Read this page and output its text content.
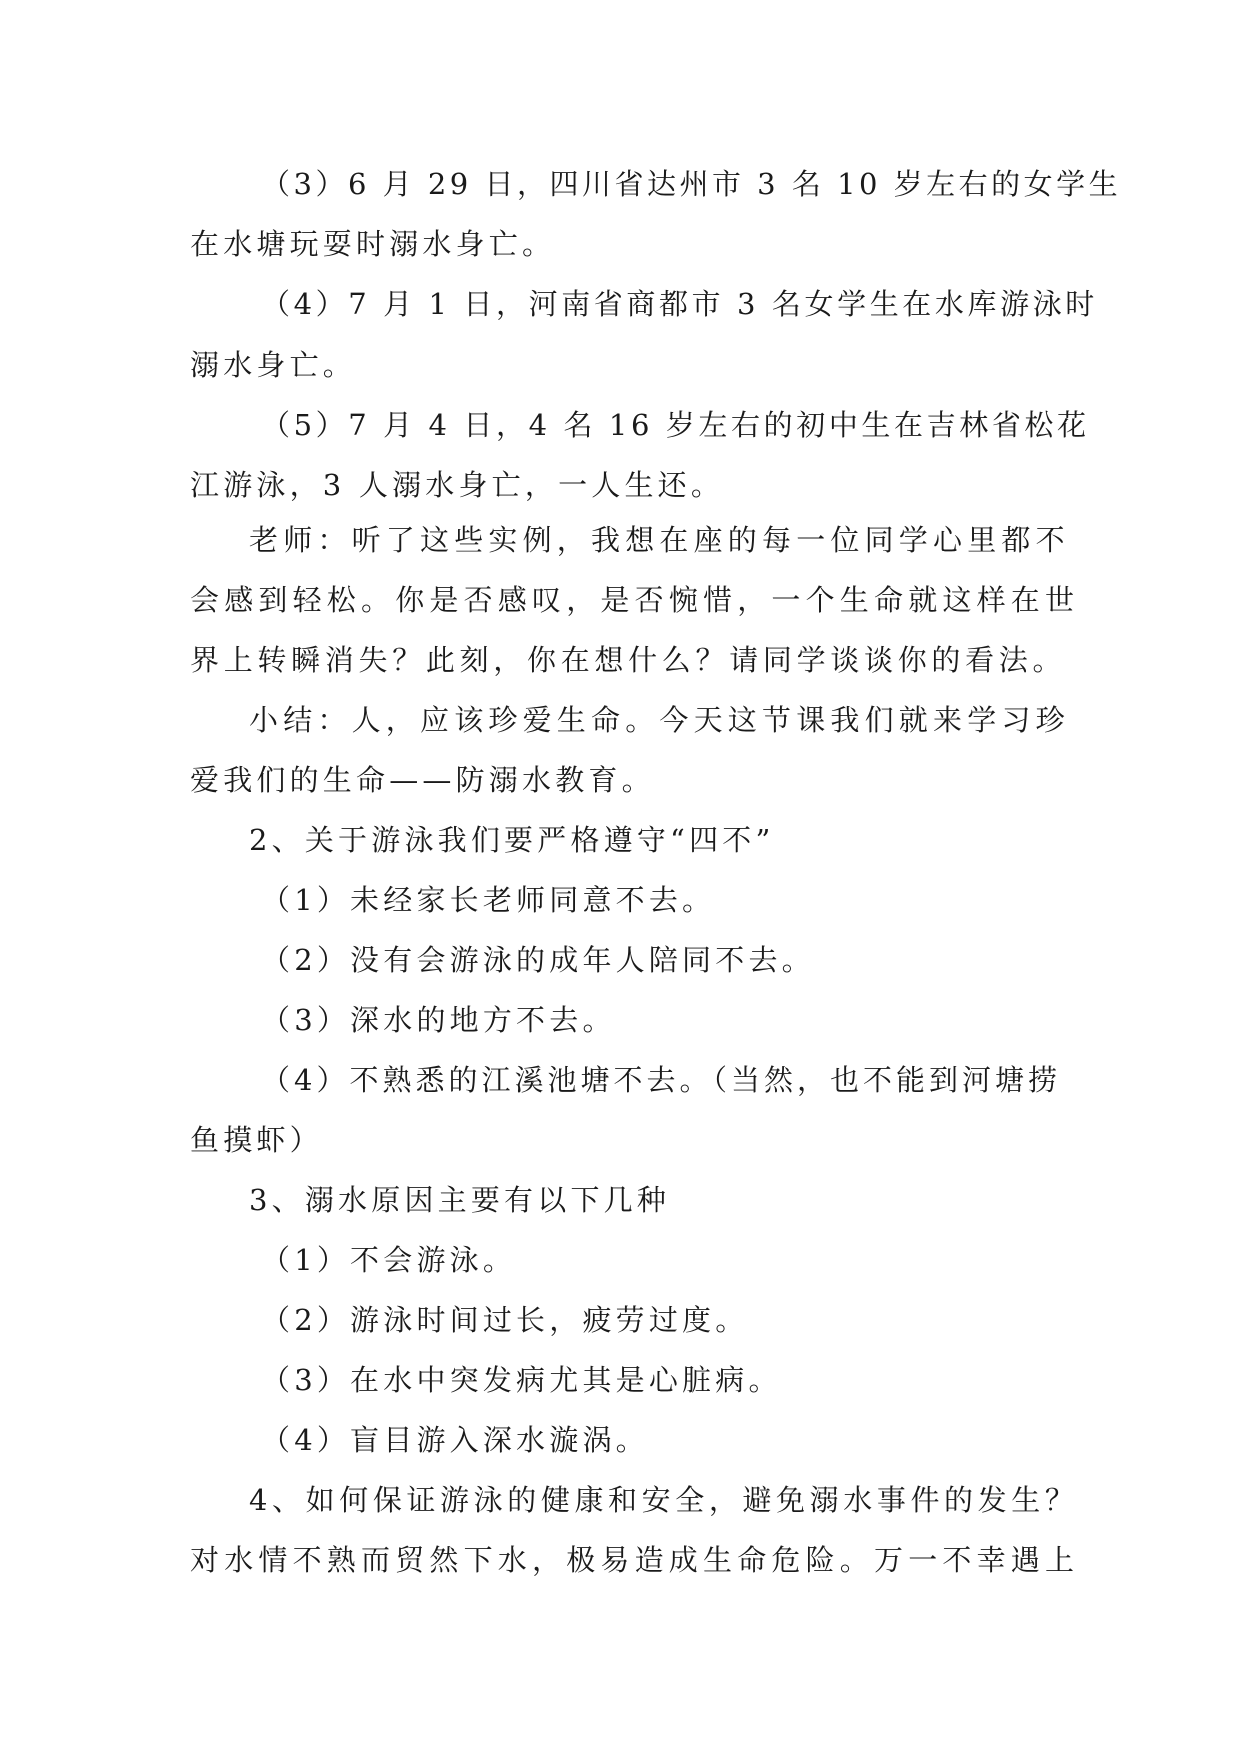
（3）6 月 29 日，四川省达州市 3 名 10 岁左右的女学生
在水塘玩耍时溺水身亡。
（4）7 月 1 日，河南省商都市 3 名女学生在水库游泳时
溺水身亡。
（5）7 月 4 日，4 名 16 岁左右的初中生在吉林省松花
江游泳，3 人溺水身亡，一人生还。
老师：听了这些实例，我想在座的每一位同学心里都不
会感到轻松。你是否感叹，是否惋惜，一个生命就这样在世
界上转瞬消失？此刻，你在想什么？请同学谈谈你的看法。
小结：人，应该珍爱生命。今天这节课我们就来学习珍
爱我们的生命——防溺水教育。
2、关于游泳我们要严格遵守“四不”
（1）未经家长老师同意不去。
（2）没有会游泳的成年人陪同不去。
（3）深水的地方不去。
（4）不熟悉的江溪池塘不去。（当然，也不能到河塘捞
鱼摸虾）
3、溺水原因主要有以下几种
（1）不会游泳。
（2）游泳时间过长，疲劳过度。
（3）在水中突发病尤其是心脏病。
（4）盲目游入深水漩涡。
4、如何保证游泳的健康和安全，避免溺水事件的发生？
对水情不熟而贸然下水，极易造成生命危险。万一不幸遇上
